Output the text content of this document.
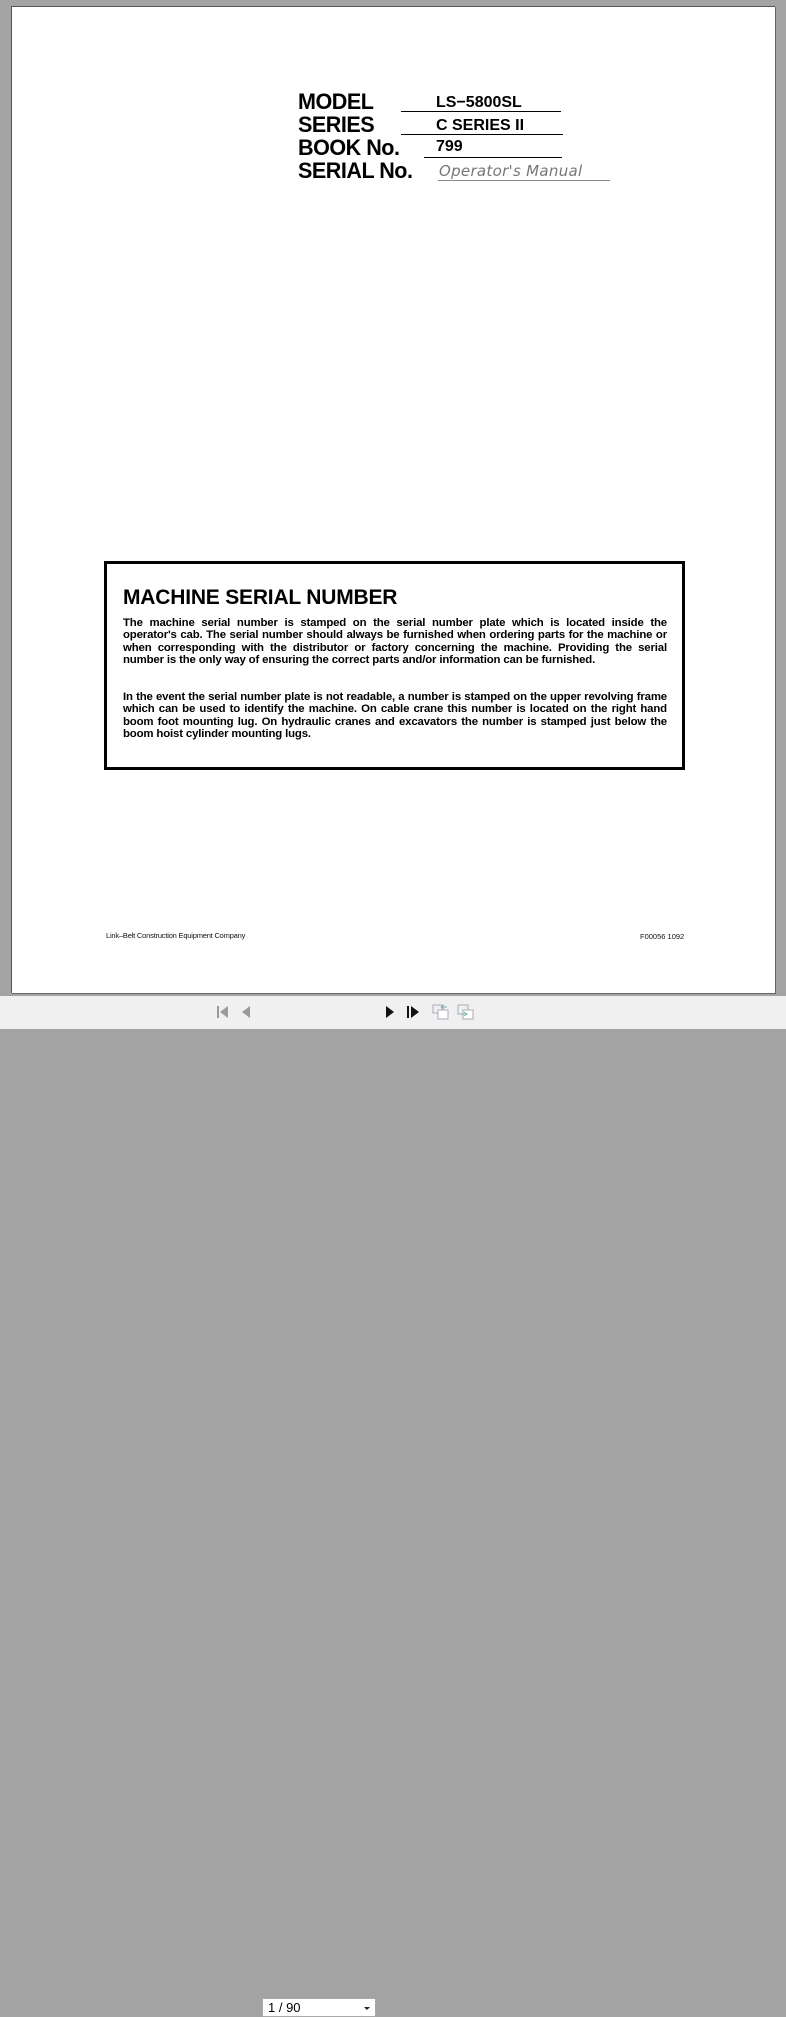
MODEL	LS−5800SL
SERIES	C SERIES II
BOOK No. 799
SERIAL No. Operator's Manual
MACHINE SERIAL NUMBER
The machine serial number is stamped on the serial number plate which is located inside the operator's cab. The serial number should always be furnished when ordering parts for the machine or when corresponding with the distributor or factory concerning the machine. Providing the serial number is the only way of ensuring the correct parts and/or information can be furnished.
In the event the serial number plate is not readable, a number is stamped on the upper revolving frame which can be used to identify the machine. On cable crane this number is located on the right hand boom foot mounting lug. On hydraulic cranes and excavators the number is stamped just below the boom hoist cylinder mounting lugs.
Link–Belt Construction Equipment Company	F00056 1092
1 / 90
